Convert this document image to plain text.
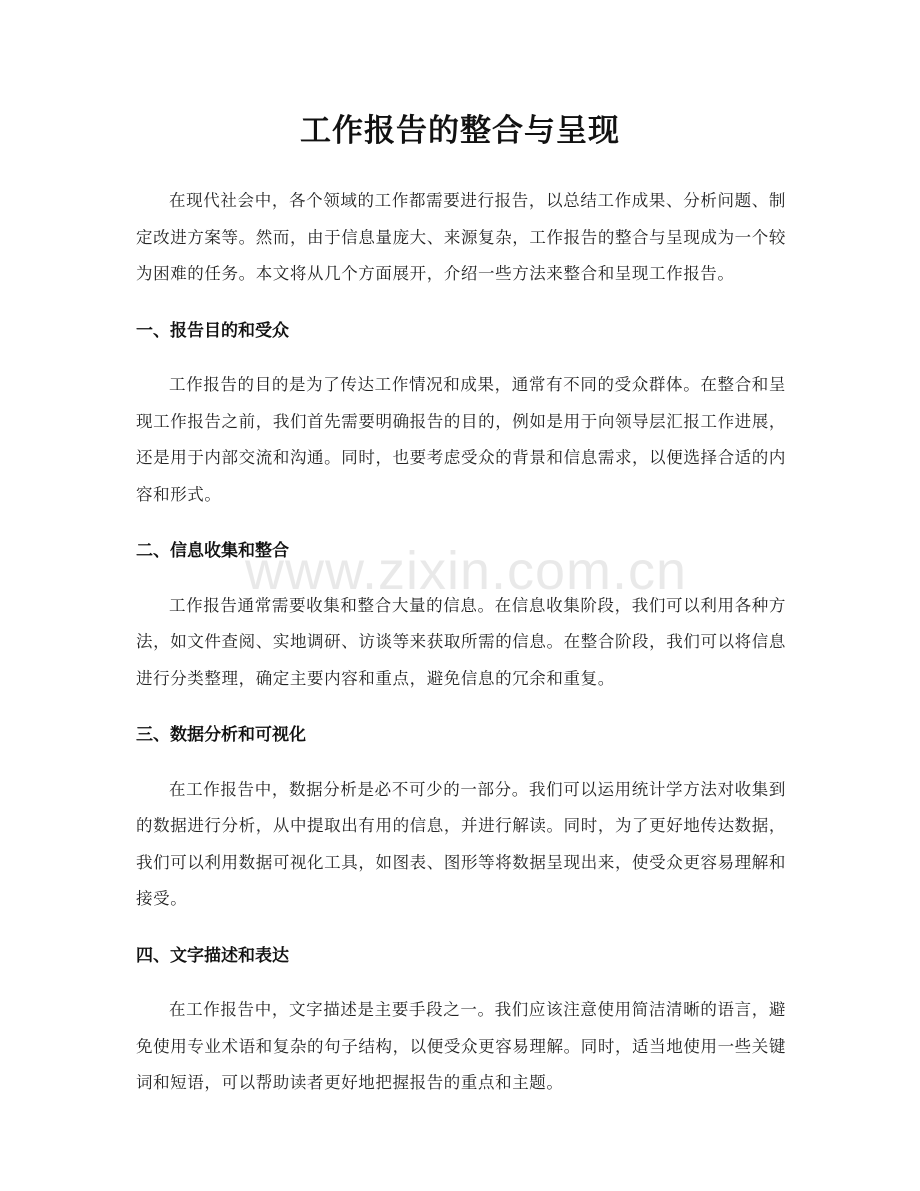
工作报告的整合与呈现

在现代社会中，各个领域的工作都需要进行报告，以总结工作成果、分析问题、制定改进方案等。然而，由于信息量庞大、来源复杂，工作报告的整合与呈现成为一个较为困难的任务。本文将从几个方面展开，介绍一些方法来整合和呈现工作报告。

一、报告目的和受众

工作报告的目的是为了传达工作情况和成果，通常有不同的受众群体。在整合和呈现工作报告之前，我们首先需要明确报告的目的，例如是用于向领导层汇报工作进展，还是用于内部交流和沟通。同时，也要考虑受众的背景和信息需求，以便选择合适的内容和形式。

二、信息收集和整合

工作报告通常需要收集和整合大量的信息。在信息收集阶段，我们可以利用各种方法，如文件查阅、实地调研、访谈等来获取所需的信息。在整合阶段，我们可以将信息进行分类整理，确定主要内容和重点，避免信息的冗余和重复。

三、数据分析和可视化

在工作报告中，数据分析是必不可少的一部分。我们可以运用统计学方法对收集到的数据进行分析，从中提取出有用的信息，并进行解读。同时，为了更好地传达数据，我们可以利用数据可视化工具，如图表、图形等将数据呈现出来，使受众更容易理解和接受。

四、文字描述和表达

在工作报告中，文字描述是主要手段之一。我们应该注意使用简洁清晰的语言，避免使用专业术语和复杂的句子结构，以便受众更容易理解。同时，适当地使用一些关键词和短语，可以帮助读者更好地把握报告的重点和主题。

www.zixin.com.cn
